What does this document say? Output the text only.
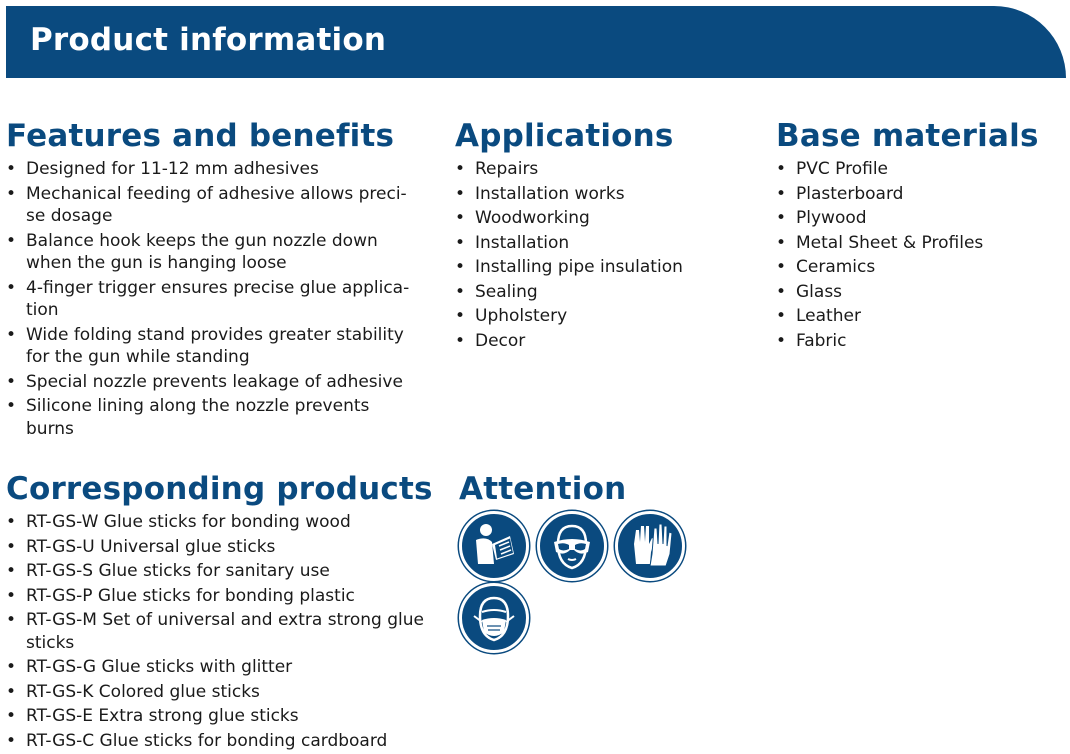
Product information
Features and benefits
• Designed for 11-12 mm adhesives
• Mechanical feeding of adhesive allows preci-se dosage
• Balance hook keeps the gun nozzle down when the gun is hanging loose
• 4-finger trigger ensures precise glue applica-tion
• Wide folding stand provides greater stability for the gun while standing
• Special nozzle prevents leakage of adhesive
• Silicone lining along the nozzle prevents burns
Applications
• Repairs
• Installation works
• Woodworking
• Installation
• Installing pipe insulation
• Sealing
• Upholstery
• Decor
Base materials
• PVC Profile
• Plasterboard
• Plywood
• Metal Sheet & Profiles
• Ceramics
• Glass
• Leather
• Fabric
Corresponding products
• RT-GS-W Glue sticks for bonding wood
• RT-GS-U Universal glue sticks
• RT-GS-S Glue sticks for sanitary use
• RT-GS-P Glue sticks for bonding plastic
• RT-GS-M Set of universal and extra strong glue sticks
• RT-GS-G Glue sticks with glitter
• RT-GS-K Colored glue sticks
• RT-GS-E Extra strong glue sticks
• RT-GS-C Glue sticks for bonding cardboard
Attention
